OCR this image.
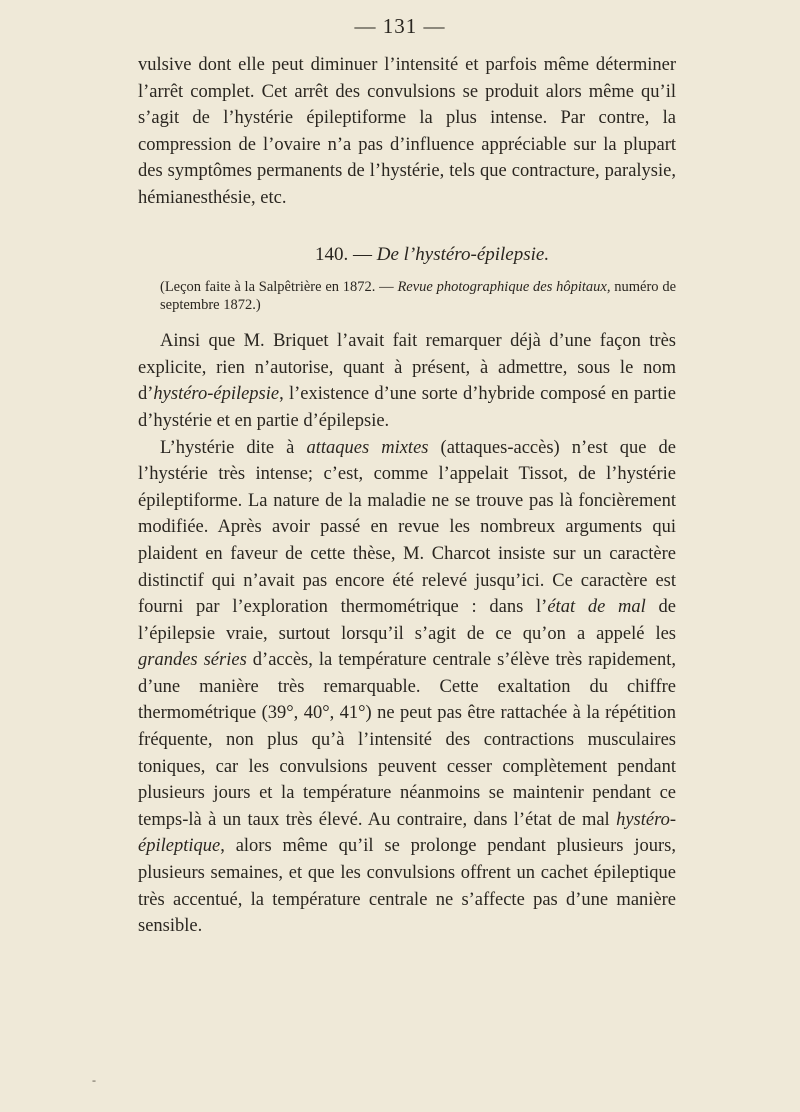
— 131 —

vulsive dont elle peut diminuer l’intensité et parfois même déterminer l’arrêt complet. Cet arrêt des convulsions se produit alors même qu’il s’agit de l’hystérie épileptiforme la plus intense. Par contre, la compression de l’ovaire n’a pas d’influence appréciable sur la plupart des symptômes permanents de l’hystérie, tels que contracture, paralysie, hémianesthésie, etc.

140. — De l’hystéro-épilepsie.

(Leçon faite à la Salpêtrière en 1872. — Revue photographique des hôpitaux, numéro de septembre 1872.)

Ainsi que M. Briquet l’avait fait remarquer déjà d’une façon très explicite, rien n’autorise, quant à présent, à admettre, sous le nom d’hystéro-épilepsie, l’existence d’une sorte d’hybride composé en partie d’hystérie et en partie d’épilepsie.

L’hystérie dite à attaques mixtes (attaques-accès) n’est que de l’hystérie très intense; c’est, comme l’appelait Tissot, de l’hystérie épileptiforme. La nature de la maladie ne se trouve pas là foncièrement modifiée. Après avoir passé en revue les nombreux arguments qui plaident en faveur de cette thèse, M. Charcot insiste sur un caractère distinctif qui n’avait pas encore été relevé jusqu’ici. Ce caractère est fourni par l’exploration thermométrique : dans l’état de mal de l’épilepsie vraie, surtout lorsqu’il s’agit de ce qu’on a appelé les grandes séries d’accès, la température centrale s’élève très rapidement, d’une manière très remarquable. Cette exaltation du chiffre thermométrique (39°, 40°, 41°) ne peut pas être rattachée à la répétition fréquente, non plus qu’à l’intensité des contractions musculaires toniques, car les convulsions peuvent cesser complètement pendant plusieurs jours et la température néanmoins se maintenir pendant ce temps-là à un taux très élevé. Au contraire, dans l’état de mal hystéro-épileptique, alors même qu’il se prolonge pendant plusieurs jours, plusieurs semaines, et que les convulsions offrent un cachet épileptique très accentué, la température centrale ne s’affecte pas d’une manière sensible.

-
